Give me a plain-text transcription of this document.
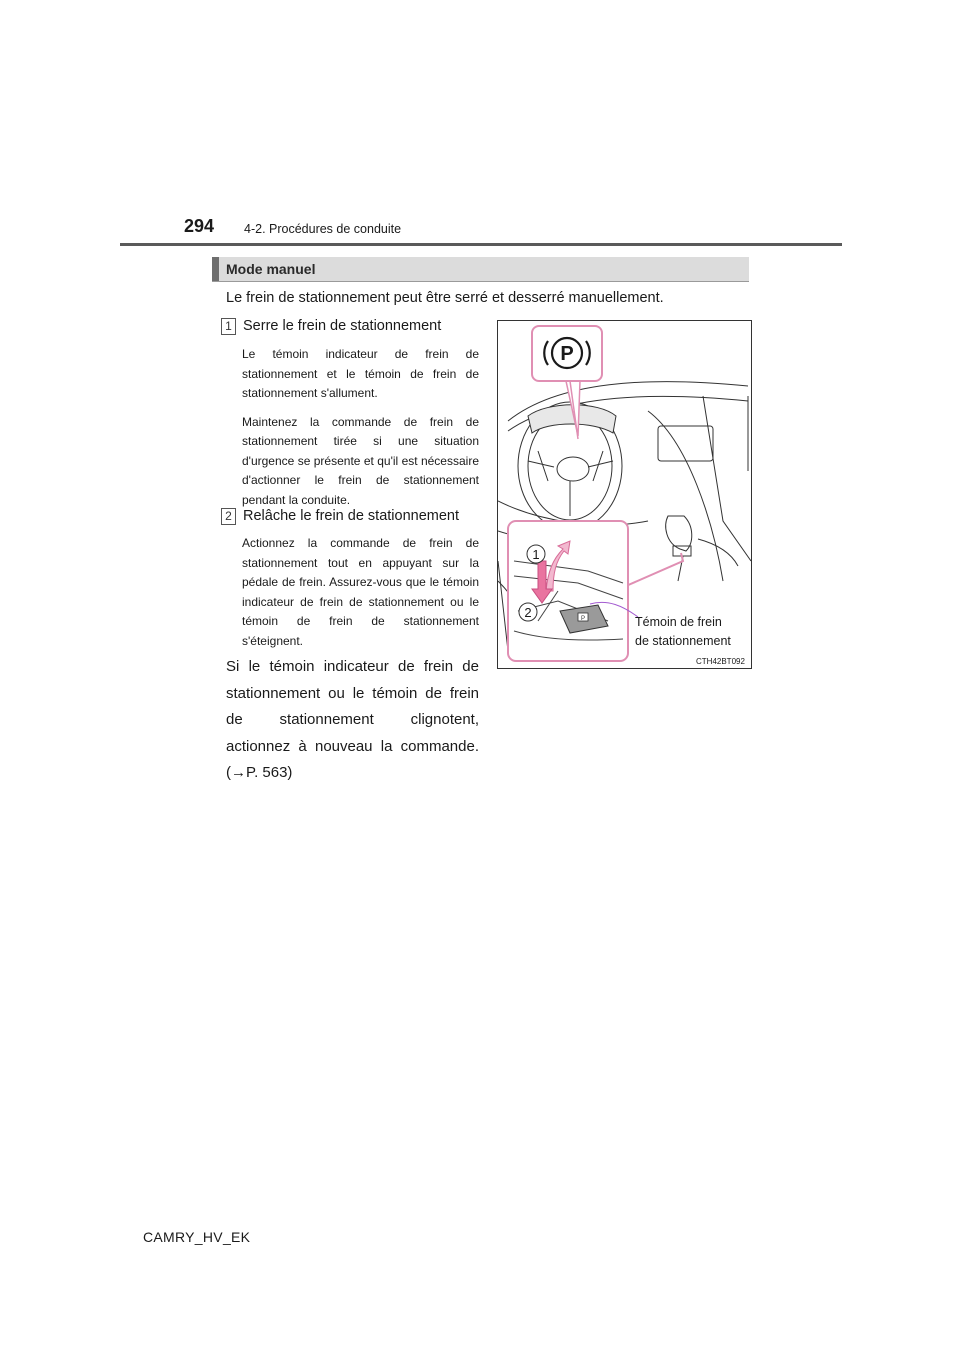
294 4-2. Procédures de conduite
Mode manuel
Le frein de stationnement peut être serré et desserré manuellement.
1 Serre le frein de stationnement

Le témoin indicateur de frein de stationnement et le témoin de frein de stationnement s'allument.

Maintenez la commande de frein de stationnement tirée si une situation d'urgence se présente et qu'il est nécessaire d'actionner le frein de stationnement pendant la conduite.

2 Relâche le frein de stationnement

Actionnez la commande de frein de stationnement tout en appuyant sur la pédale de frein. Assurez-vous que le témoin indicateur de frein de stationnement ou le témoin de frein de stationnement s'éteignent.

Si le témoin indicateur de frein de stationnement ou le témoin de frein de stationnement clignotent, actionnez à nouveau la commande. (→P. 563)
P
P
1
2
Témoin de frein
de stationnement
CTH42BT092
CAMRY_HV_EK
